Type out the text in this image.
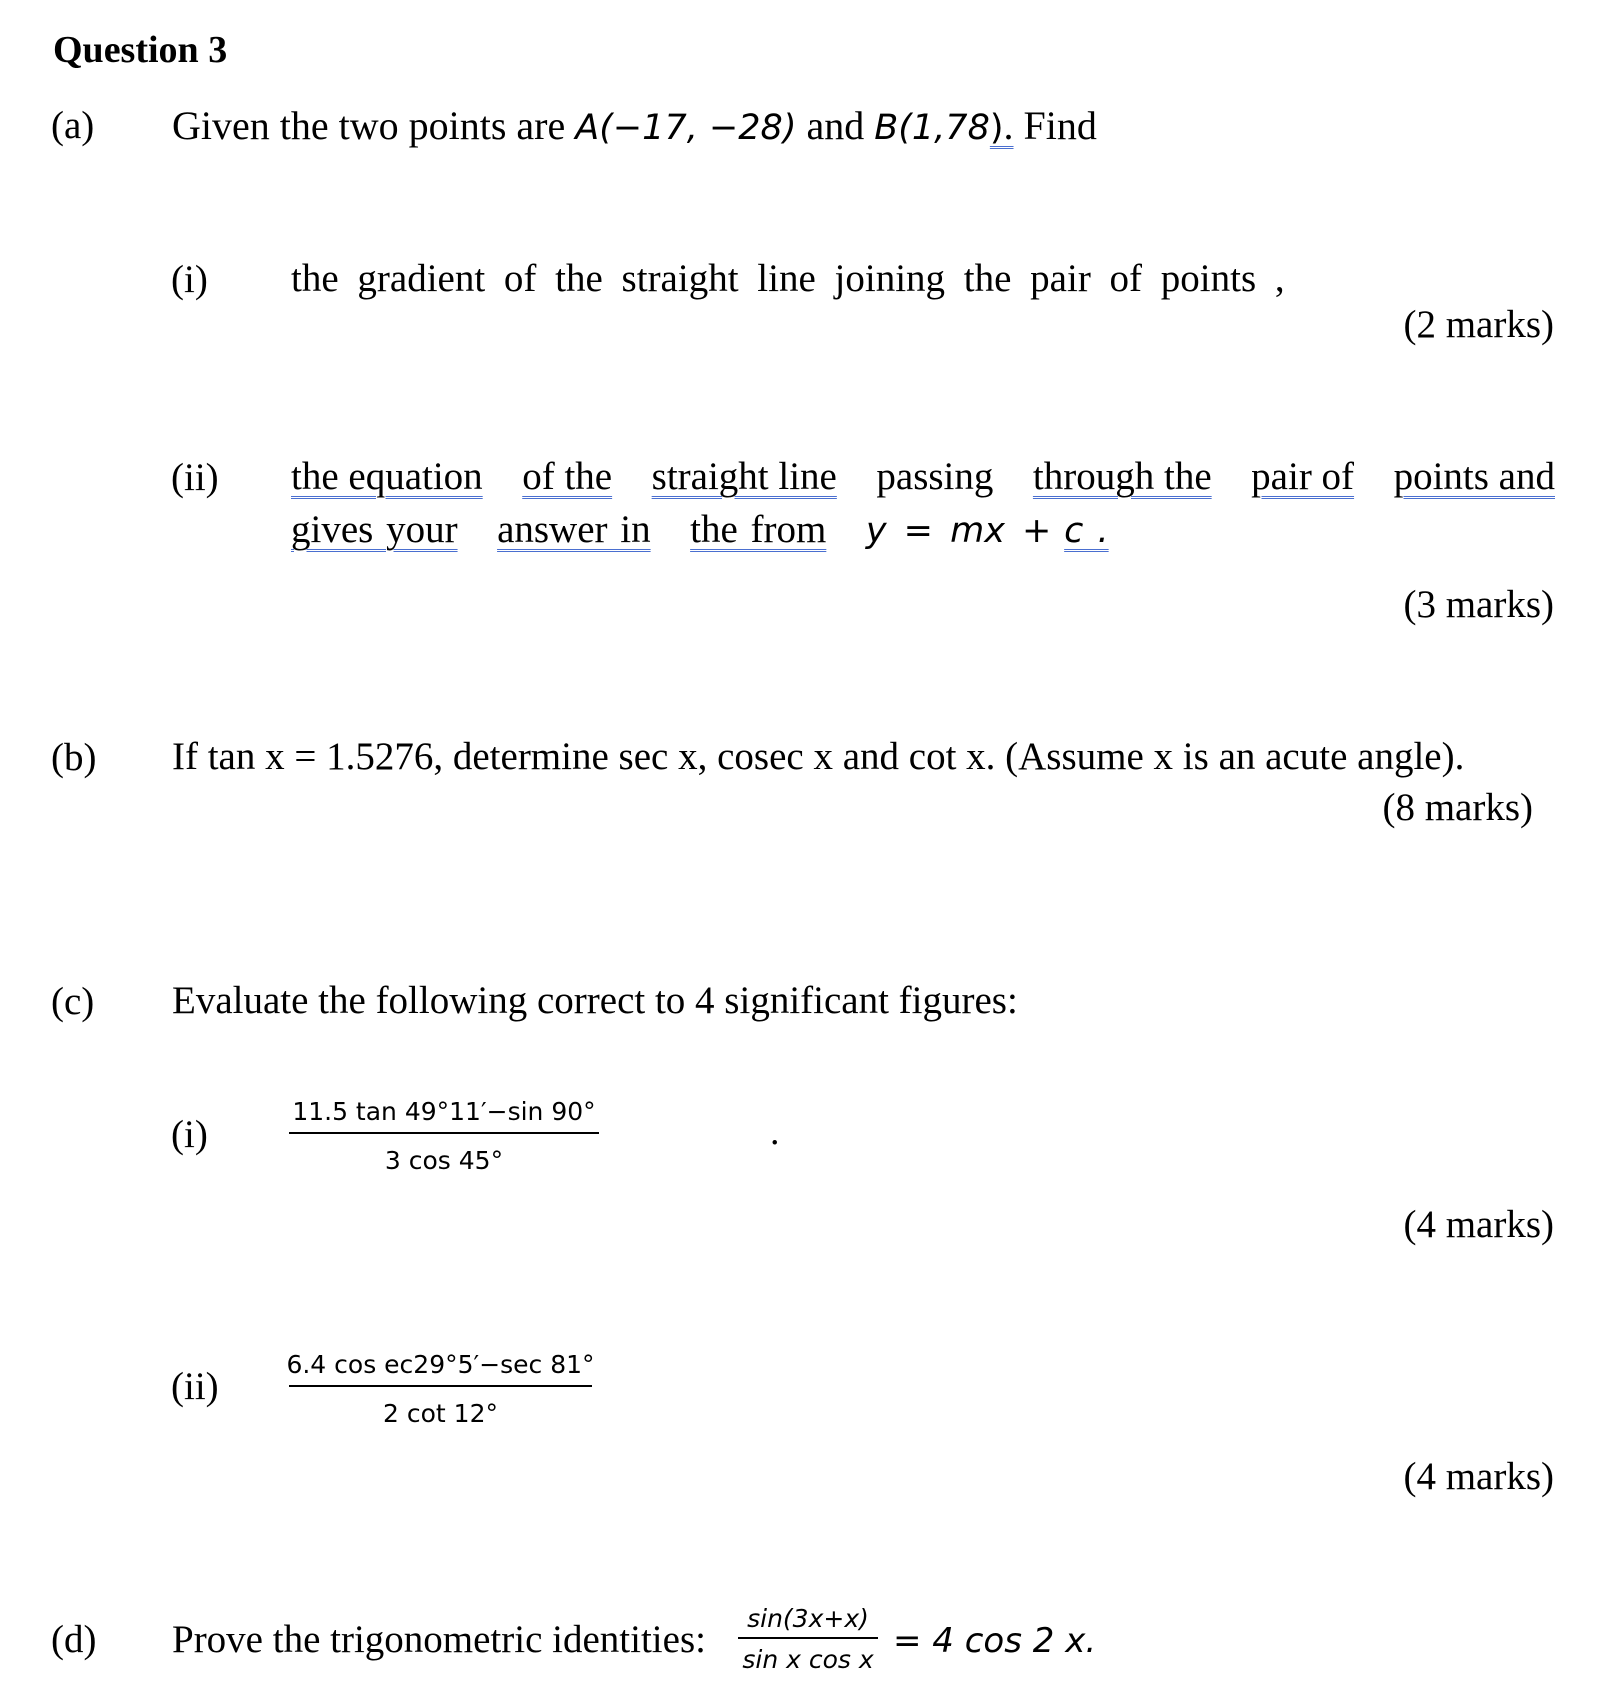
Question 3
(a) Given the two points are A(−17, −28) and B(1,78). Find
(i) the gradient of the straight line joining the pair of points ,
(2 marks)
(ii) the equation of the straight line passing through the pair of points and
gives your answer in the from y = mx + c .
(3 marks)
(b) If tan x = 1.5276, determine sec x, cosec x and cot x. (Assume x is an acute angle).
(8 marks)
(c) Evaluate the following correct to 4 significant figures:
(i)
11.5 tan 49°11′−sin 90°
3 cos 45°
.
(4 marks)
(ii)
6.4 cos ec29°5′−sec 81°
2 cot 12°
(4 marks)
(d) Prove the trigonometric identities: sin(3x+x)
sin x cos x = 4 cos 2 x.
